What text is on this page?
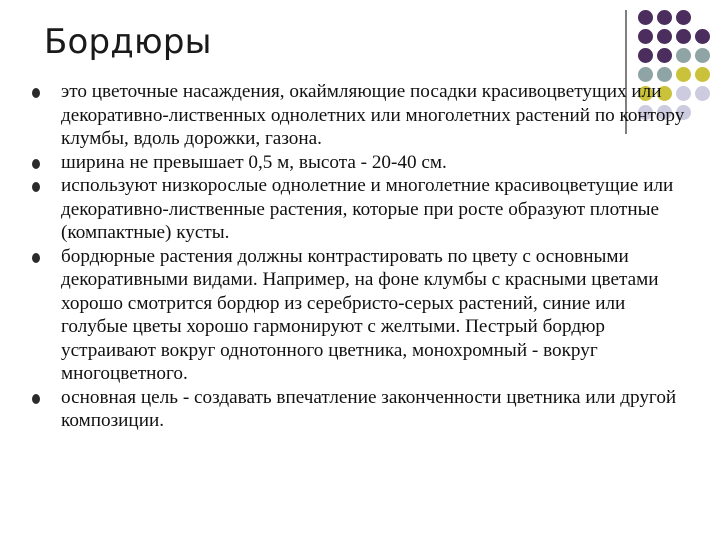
Бордюры
это цветочные насаждения, окаймляющие посадки красивоцветущих или декоративно-лиственных однолетних или многолетних растений по контору клумбы, вдоль дорожки, газона.
ширина не превышает 0,5 м, высота - 20-40 см.
используют низкорослые однолетние и многолетние красивоцветущие или декоративно-лиственные растения, которые при росте образуют плотные (компактные) кусты.
бордюрные растения должны контрастировать по цвету с основными декоративными видами. Например, на фоне клумбы с красными цветами хорошо смотрится бордюр из серебристо-серых растений, синие или голубые цветы хорошо гармонируют с желтыми. Пестрый бордюр устраивают вокруг однотонного цветника, монохромный - вокруг многоцветного.
основная цель - создавать впечатление законченности цветника или другой композиции.
